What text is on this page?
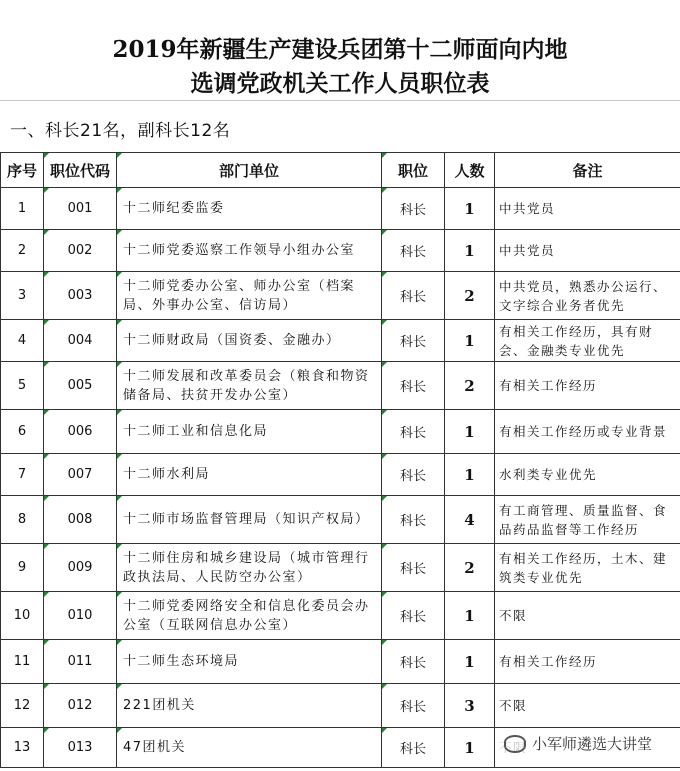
2019年新疆生产建设兵团第十二师面向内地
选调党政机关工作人员职位表
一、科长21名，副科长12名
序号	职位代码	部门单位	职位	人数	备注
1	001	十二师纪委监委	科长	1	中共党员
2	002	十二师党委巡察工作领导小组办公室	科长	1	中共党员
3	003	十二师党委办公室、师办公室（档案局、外事办公室、信访局）	科长	2	中共党员，熟悉办公运行、文字综合业务者优先
4	004	十二师财政局（国资委、金融办）	科长	1	有相关工作经历，具有财会、金融类专业优先
5	005	十二师发展和改革委员会（粮食和物资储备局、扶贫开发办公室）	科长	2	有相关工作经历
6	006	十二师工业和信息化局	科长	1	有相关工作经历或专业背景
7	007	十二师水利局	科长	1	水利类专业优先
8	008	十二师市场监督管理局（知识产权局）	科长	4	有工商管理、质量监督、食品药品监督等工作经历
9	009	十二师住房和城乡建设局（城市管理行政执法局、人民防空办公室）	科长	2	有相关工作经历，土木、建筑类专业优先
10	010	十二师党委网络安全和信息化委员会办公室（互联网信息办公室）	科长	1	不限
11	011	十二师生态环境局	科长	1	有相关工作经历
12	012	221团机关	科长	3	不限
13	013	47团机关	科长	1		小军师遴选大讲堂
